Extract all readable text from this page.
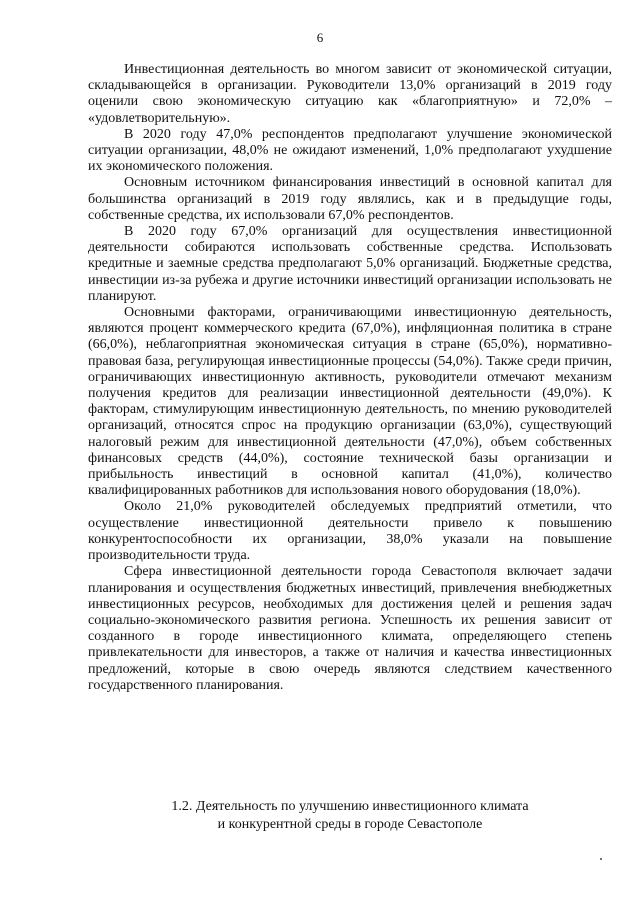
6

Инвестиционная деятельность во многом зависит от экономической ситуации, складывающейся в организации. Руководители 13,0% организаций в 2019 году оценили свою экономическую ситуацию как «благоприятную» и 72,0% – «удовлетворительную».

В 2020 году 47,0% респондентов предполагают улучшение экономической ситуации организации, 48,0% не ожидают изменений, 1,0% предполагают ухудшение их экономического положения.

Основным источником финансирования инвестиций в основной капитал для большинства организаций в 2019 году являлись, как и в предыдущие годы, собственные средства, их использовали 67,0% респондентов.

В 2020 году 67,0% организаций для осуществления инвестиционной деятельности собираются использовать собственные средства. Использовать кредитные и заемные средства предполагают 5,0% организаций. Бюджетные средства, инвестиции из-за рубежа и другие источники инвестиций организации использовать не планируют.

Основными факторами, ограничивающими инвестиционную деятельность, являются процент коммерческого кредита (67,0%), инфляционная политика в стране (66,0%), неблагоприятная экономическая ситуация в стране (65,0%), нормативно-правовая база, регулирующая инвестиционные процессы (54,0%). Также среди причин, ограничивающих инвестиционную активность, руководители отмечают механизм получения кредитов для реализации инвестиционной деятельности (49,0%). К факторам, стимулирующим инвестиционную деятельность, по мнению руководителей организаций, относятся спрос на продукцию организации (63,0%), существующий налоговый режим для инвестиционной деятельности (47,0%), объем собственных финансовых средств (44,0%), состояние технической базы организации и прибыльность инвестиций в основной капитал (41,0%), количество квалифицированных работников для использования нового оборудования (18,0%).

Около 21,0% руководителей обследуемых предприятий отметили, что осуществление инвестиционной деятельности привело к повышению конкурентоспособности их организации, 38,0% указали на повышение производительности труда.

Сфера инвестиционной деятельности города Севастополя включает задачи планирования и осуществления бюджетных инвестиций, привлечения внебюджетных инвестиционных ресурсов, необходимых для достижения целей и решения задач социально-экономического развития региона. Успешность их решения зависит от созданного в городе инвестиционного климата, определяющего степень привлекательности для инвесторов, а также от наличия и качества инвестиционных предложений, которые в свою очередь являются следствием качественного государственного планирования.

1.2. Деятельность по улучшению инвестиционного климата
и конкурентной среды в городе Севастополе
